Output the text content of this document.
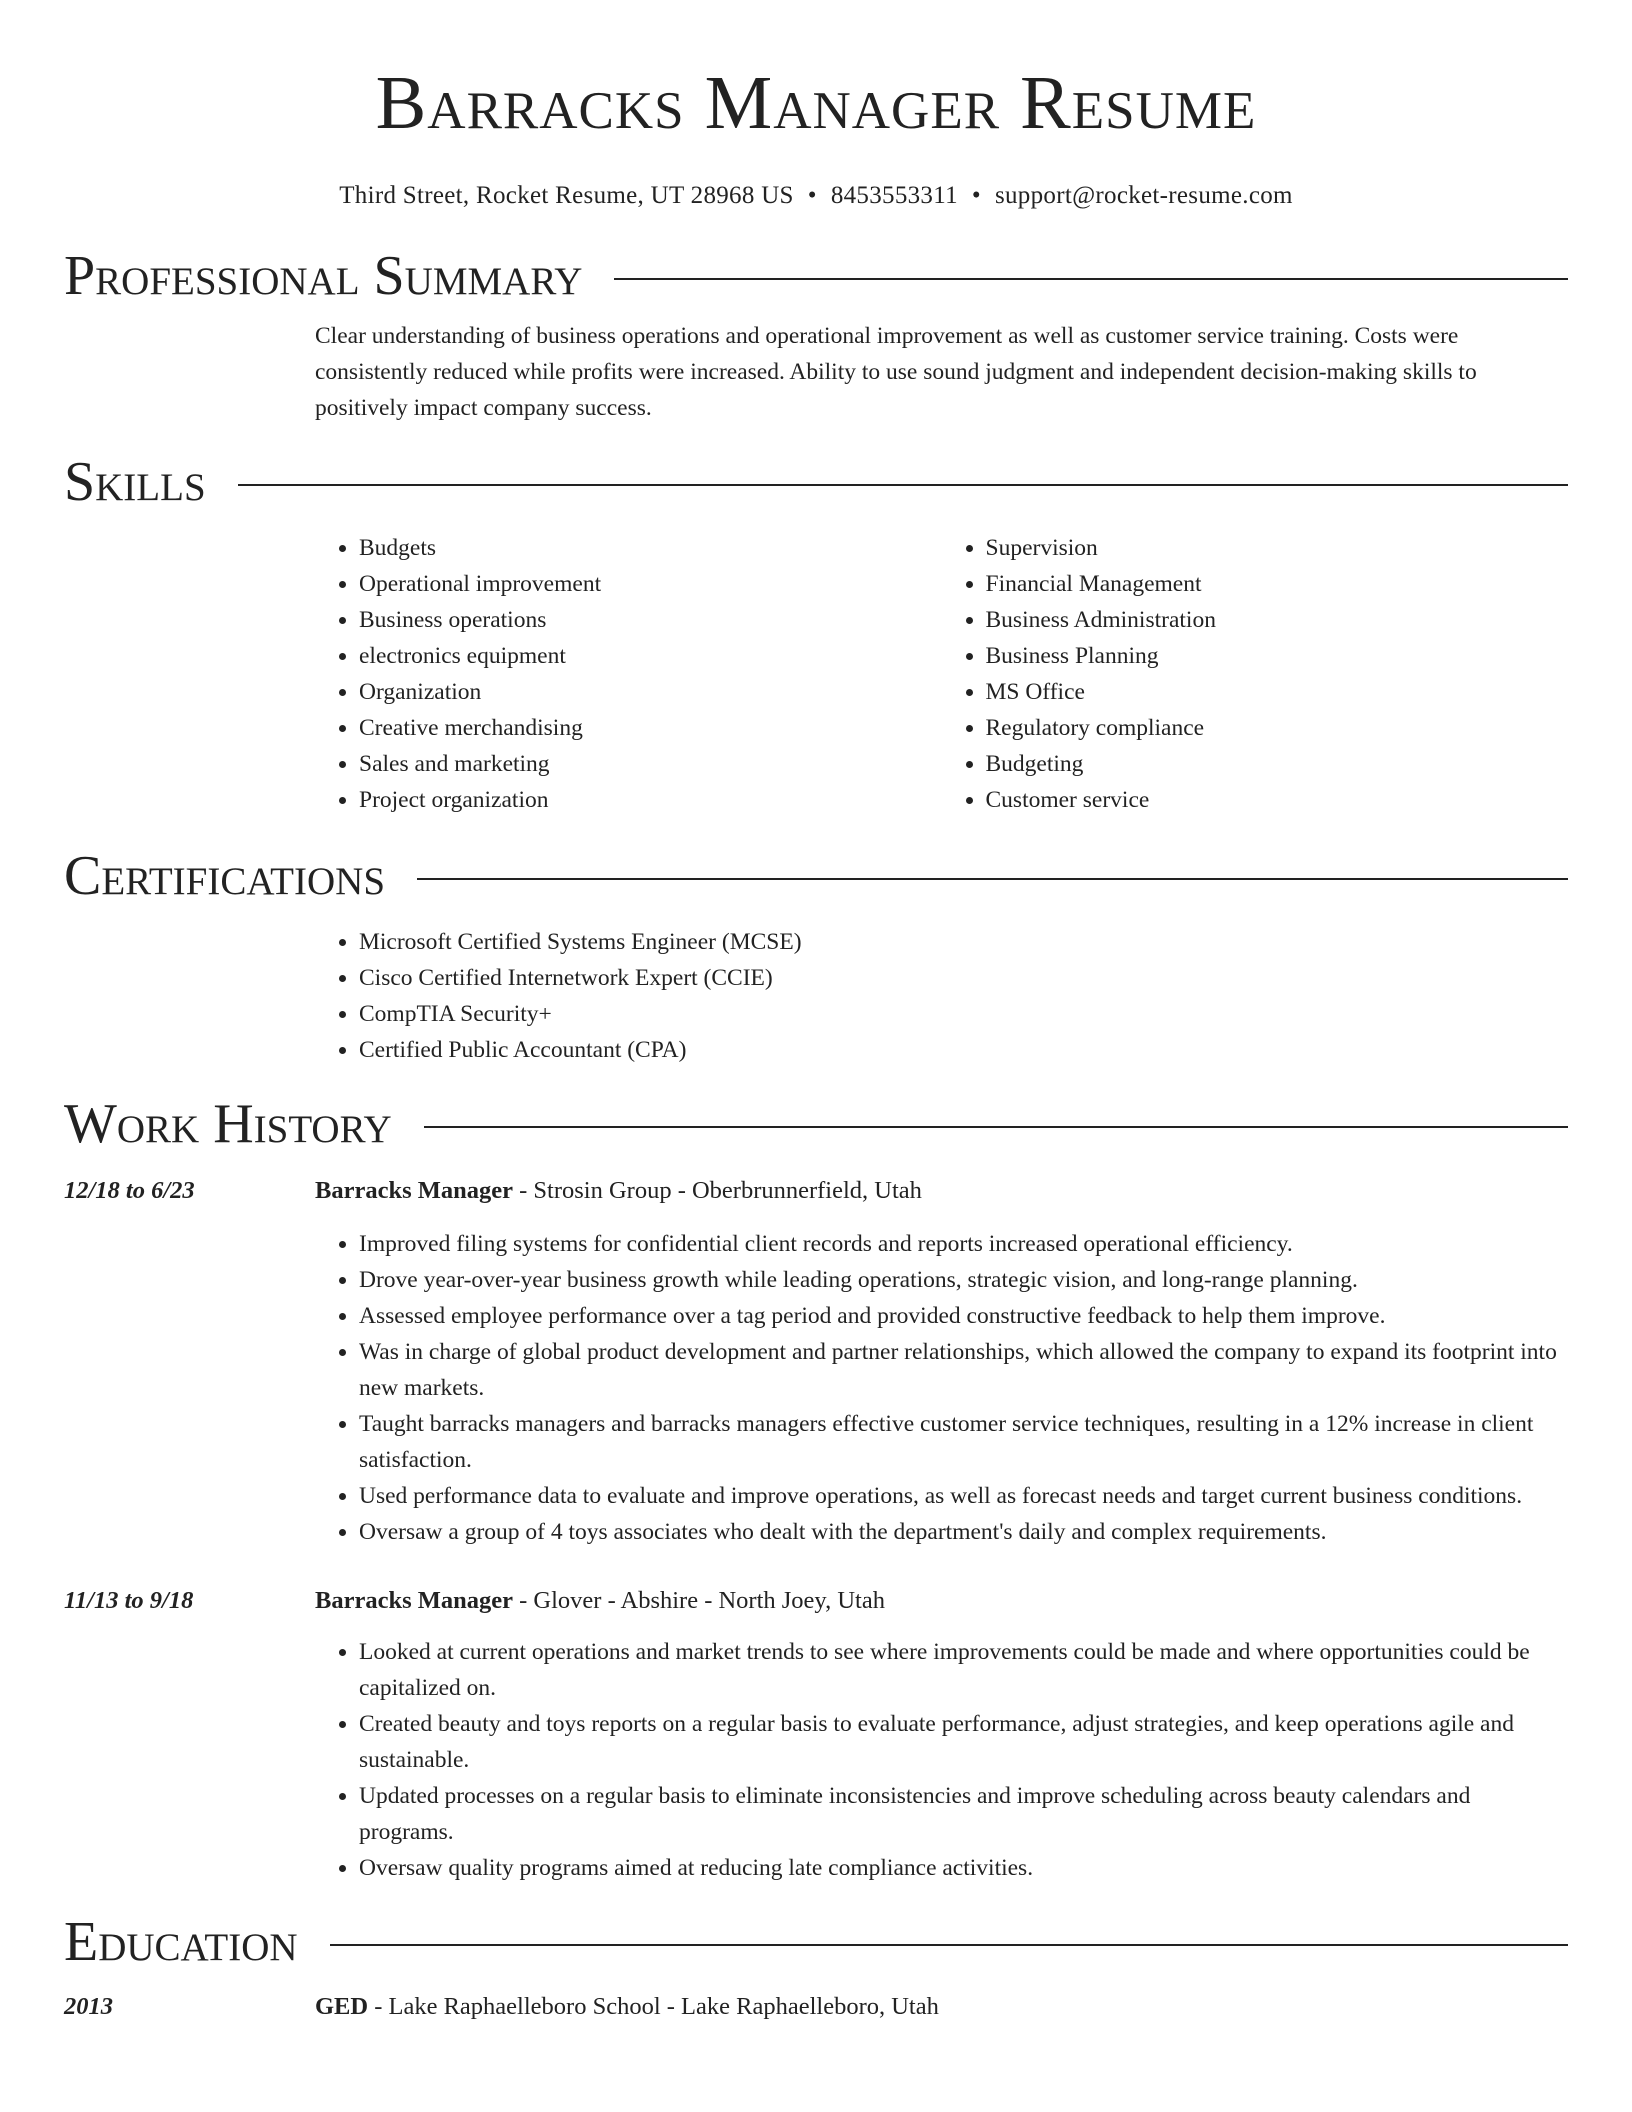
Barracks Manager Resume
Third Street, Rocket Resume, UT 28968 US • 8453553311 • support@rocket-resume.com
Professional Summary

Clear understanding of business operations and operational improvement as well as customer service training. Costs were consistently reduced while profits were increased. Ability to use sound judgment and independent decision-making skills to positively impact company success.

Skills
• Budgets
• Operational improvement
• Business operations
• electronics equipment
• Organization
• Creative merchandising
• Sales and marketing
• Project organization
• Supervision
• Financial Management
• Business Administration
• Business Planning
• MS Office
• Regulatory compliance
• Budgeting
• Customer service
Certifications
• Microsoft Certified Systems Engineer (MCSE)
• Cisco Certified Internetwork Expert (CCIE)
• CompTIA Security+
• Certified Public Accountant (CPA)
Work History
12/18 to 6/23	Barracks Manager - Strosin Group - Oberbrunnerfield, Utah
• Improved filing systems for confidential client records and reports increased operational efficiency.
• Drove year-over-year business growth while leading operations, strategic vision, and long-range planning.
• Assessed employee performance over a tag period and provided constructive feedback to help them improve.
• Was in charge of global product development and partner relationships, which allowed the company to expand its footprint into new markets.
• Taught barracks managers and barracks managers effective customer service techniques, resulting in a 12% increase in client satisfaction.
• Used performance data to evaluate and improve operations, as well as forecast needs and target current business conditions.
• Oversaw a group of 4 toys associates who dealt with the department's daily and complex requirements.
11/13 to 9/18	Barracks Manager - Glover - Abshire - North Joey, Utah
• Looked at current operations and market trends to see where improvements could be made and where opportunities could be capitalized on.
• Created beauty and toys reports on a regular basis to evaluate performance, adjust strategies, and keep operations agile and sustainable.
• Updated processes on a regular basis to eliminate inconsistencies and improve scheduling across beauty calendars and programs.
• Oversaw quality programs aimed at reducing late compliance activities.
Education
2013	GED - Lake Raphaelleboro School - Lake Raphaelleboro, Utah
